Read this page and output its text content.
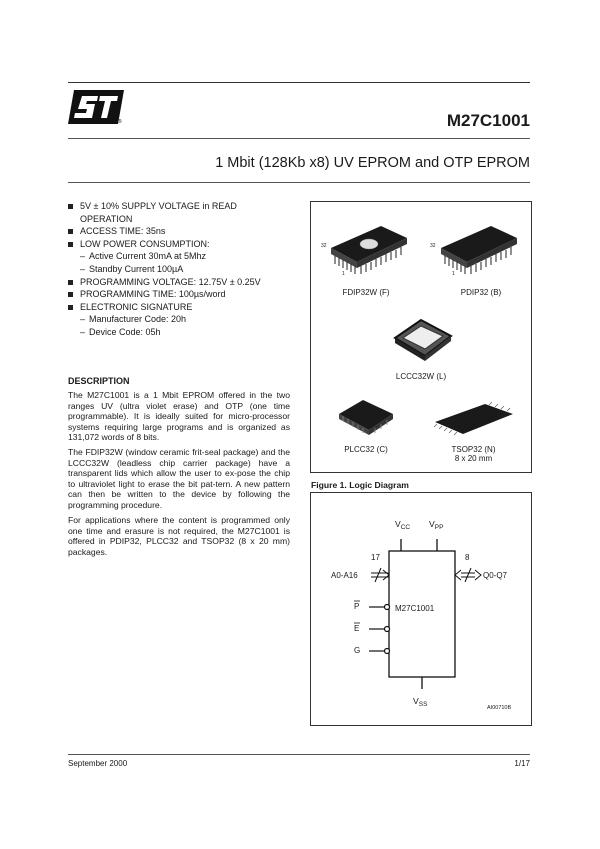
®	M27C1001
1 Mbit (128Kb x8) UV EPROM and OTP EPROM
5V ± 10% SUPPLY VOLTAGE in READ
OPERATION
ACCESS TIME: 35ns
LOW POWER CONSUMPTION:
– Active Current 30mA at 5Mhz
– Standby Current 100µA
PROGRAMMING VOLTAGE: 12.75V ± 0.25V
PROGRAMMING TIME: 100µs/word
ELECTRONIC SIGNATURE
– Manufacturer Code: 20h
– Device Code: 05h
DESCRIPTION

The M27C1001 is a 1 Mbit EPROM offered in the two ranges UV (ultra violet erase) and OTP (one time programmable). It is ideally suited for micro-processor systems requiring large programs and is organized as 131,072 words of 8 bits.

The FDIP32W (window ceramic frit-seal package) and the LCCC32W (leadless chip carrier package) have a transparent lids which allow the user to ex-pose the chip to ultraviolet light to erase the bit pat-tern. A new pattern can then be written to the device by following the programming procedure.

For applications where the content is programmed only one time and erasure is not required, the M27C1001 is offered in PDIP32, PLCC32 and TSOP32 (8 x 20 mm) packages.

32
1
FDIP32W (F)
32
1
PDIP32 (B)
LCCC32W (L)
PLCC32 (C)	TSOP32 (N)
8 x 20 mm
Figure 1. Logic Diagram
$V_{CC}$ $V_{PP}$
$V_{SS}$
17
A0-A16
8
Q0-Q7
M27C1001
P
E
G
AI00710B
September 2000	1/17
